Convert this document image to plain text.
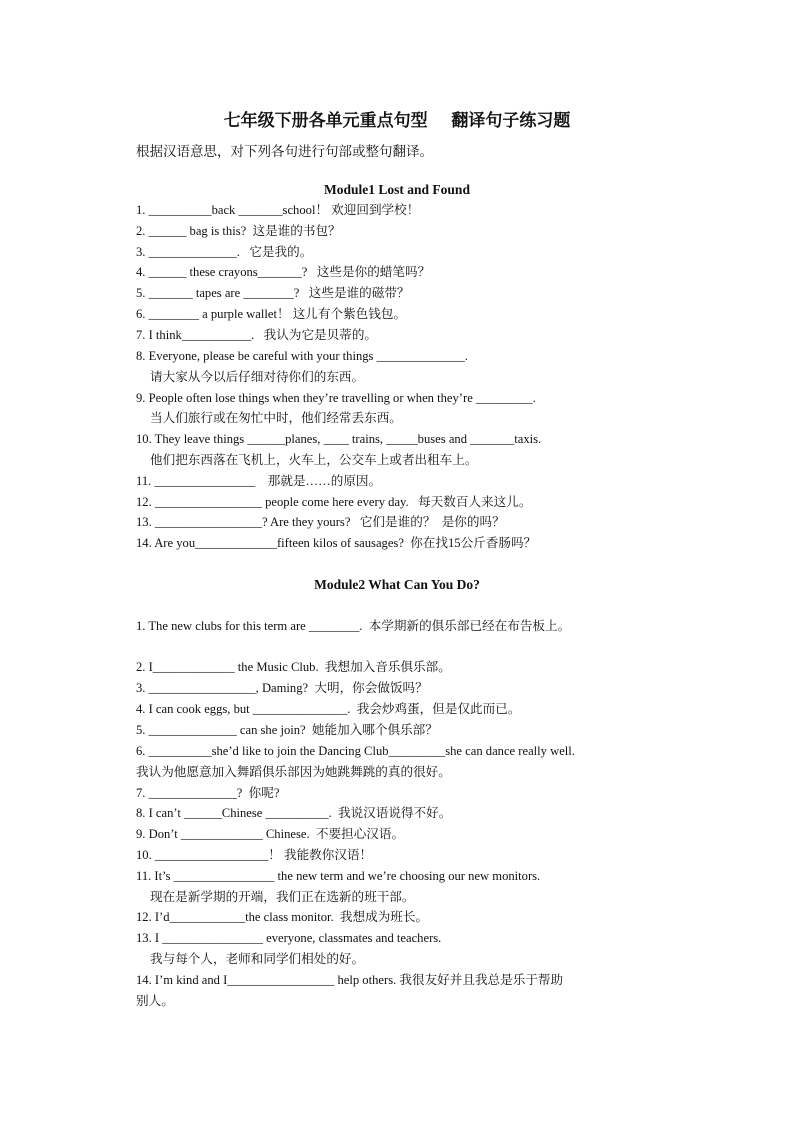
七年级下册各单元重点句型    翻译句子练习题
根据汉语意思，对下列各句进行句部或整句翻译。
Module1 Lost and Found
1. __________back _______school！ 欢迎回到学校！
2. ______ bag is this?  这是谁的书包？
3. ______________.   它是我的。
4. ______ these crayons_______?   这些是你的蜡笔吗？
5. _______ tapes are ________?   这些是谁的磁带？
6. ________ a purple wallet！ 这儿有个紫色钱包。
7. I think___________.   我认为它是贝蒂的。
8. Everyone, please be careful with your things ______________.
请大家从今以后仔细对待你们的东西。
9. People often lose things when they’re travelling or when they’re _________.
当人们旅行或在匆忙中时，他们经常丢东西。
10. They leave things ______planes, ____ trains, _____buses and _______taxis.
他们把东西落在飞机上，火车上，公交车上或者出租车上。
11. ________________    那就是……的原因。
12. _________________ people come here every day.   每天数百人来这儿。
13. _________________? Are they yours?   它们是谁的？  是你的吗？
14. Are you_____________fifteen kilos of sausages?  你在找15公斤香肠吗？
Module2 What Can You Do?
1. The new clubs for this term are ________.  本学期新的俱乐部已经在布告板上。
2. I_____________ the Music Club.  我想加入音乐俱乐部。
3. _________________, Daming?  大明，你会做饭吗？
4. I can cook eggs, but _______________.  我会炒鸡蛋，但是仅此而已。
5. ______________ can she join?  她能加入哪个俱乐部？
6. __________she’d like to join the Dancing Club_________she can dance really well.
我认为他愿意加入舞蹈俱乐部因为她跳舞跳的真的很好。
7. ______________?  你呢?
8. I can’t ______Chinese __________.  我说汉语说得不好。
9. Don’t _____________ Chinese.  不要担心汉语。
10. __________________！ 我能教你汉语！
11. It’s ________________ the new term and we’re choosing our new monitors.
现在是新学期的开端，我们正在选新的班干部。
12. I’d____________the class monitor.  我想成为班长。
13. I ________________ everyone, classmates and teachers.
我与每个人，老师和同学们相处的好。
14. I’m kind and I_________________ help others. 我很友好并且我总是乐于帮助
别人。
